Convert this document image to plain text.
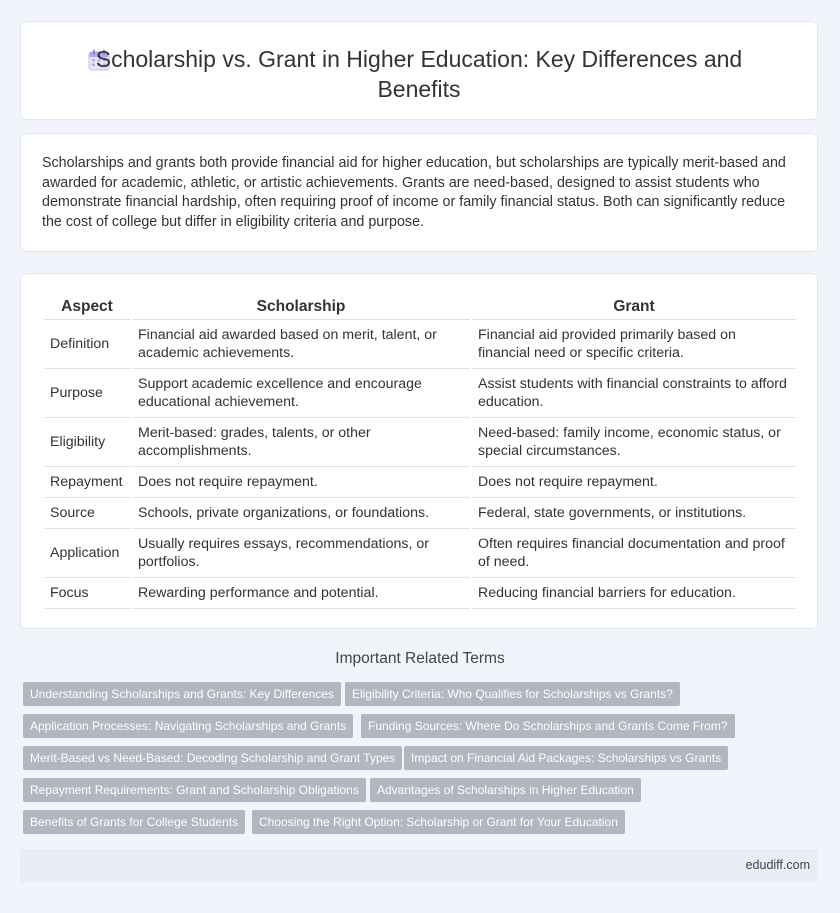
Scholarship vs. Grant in Higher Education: Key Differences and Benefits
Scholarships and grants both provide financial aid for higher education, but scholarships are typically merit-based and awarded for academic, athletic, or artistic achievements. Grants are need-based, designed to assist students who demonstrate financial hardship, often requiring proof of income or family financial status. Both can significantly reduce the cost of college but differ in eligibility criteria and purpose.
Aspect	Scholarship	Grant
Definition	Financial aid awarded based on merit, talent, or academic achievements.	Financial aid provided primarily based on financial need or specific criteria.
Purpose	Support academic excellence and encourage educational achievement.	Assist students with financial constraints to afford education.
Eligibility	Merit-based: grades, talents, or other accomplishments.	Need-based: family income, economic status, or special circumstances.
Repayment	Does not require repayment.	Does not require repayment.
Source	Schools, private organizations, or foundations.	Federal, state governments, or institutions.
Application	Usually requires essays, recommendations, or portfolios.	Often requires financial documentation and proof of need.
Focus	Rewarding performance and potential.	Reducing financial barriers for education.
Important Related Terms
Understanding Scholarships and Grants: Key Differences	Eligibility Criteria: Who Qualifies for Scholarships vs Grants?
Application Processes: Navigating Scholarships and Grants	Funding Sources: Where Do Scholarships and Grants Come From?
Merit-Based vs Need-Based: Decoding Scholarship and Grant Types	Impact on Financial Aid Packages: Scholarships vs Grants
Repayment Requirements: Grant and Scholarship Obligations	Advantages of Scholarships in Higher Education
Benefits of Grants for College Students	Choosing the Right Option: Scholarship or Grant for Your Education
edudiff.com
